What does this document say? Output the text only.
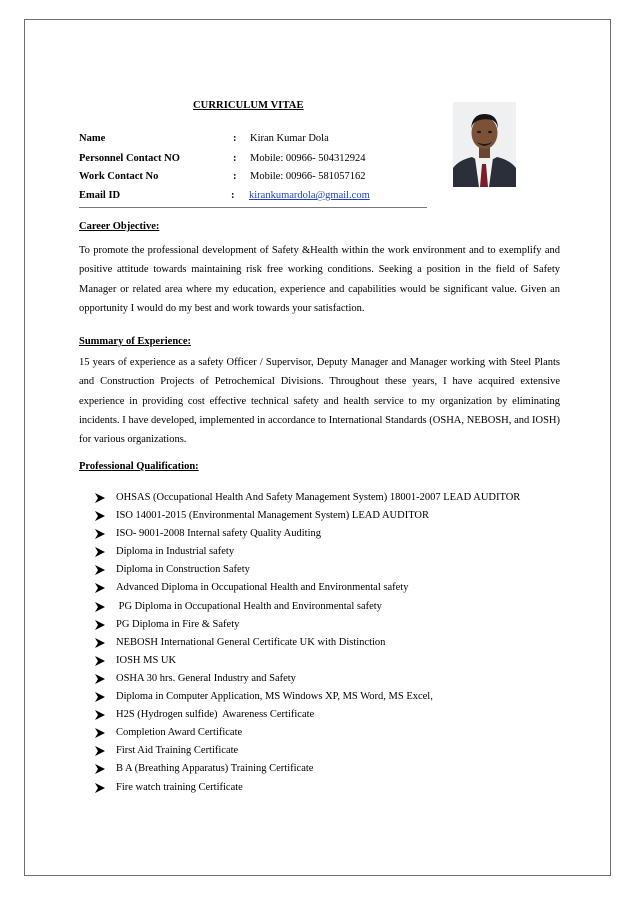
CURRICULUM VITAE
Name	: Kiran Kumar Dola
Personnel Contact NO	: Mobile: 00966- 504312924
Work Contact No	: Mobile: 00966- 581057162
Email ID	: kirankumardola@gmail.com
Career Objective:

To promote the professional development of Safety &Health within the work environment and to exemplify and positive attitude towards maintaining risk free working conditions. Seeking a position in the field of Safety Manager or related area where my education, experience and capabilities would be significant value. Given an opportunity I would do my best and work towards your satisfaction.

Summary of Experience:

15 years of experience as a safety Officer / Supervisor, Deputy Manager and Manager working with Steel Plants and Construction Projects of Petrochemical Divisions. Throughout these years, I have acquired extensive experience in providing cost effective technical safety and health service to my organization by eliminating incidents. I have developed, implemented in accordance to International Standards (OSHA, NEBOSH, and IOSH) for various organizations.

Professional Qualification:
OHSAS (Occupational Health And Safety Management System) 18001-2007 LEAD AUDITOR
ISO 14001-2015 (Environmental Management System) LEAD AUDITOR
ISO- 9001-2008 Internal safety Quality Auditing
Diploma in Industrial safety
Diploma in Construction Safety
Advanced Diploma in Occupational Health and Environmental safety
PG Diploma in Occupational Health and Environmental safety
PG Diploma in Fire & Safety
NEBOSH International General Certificate UK with Distinction
IOSH MS UK
OSHA 30 hrs. General Industry and Safety
Diploma in Computer Application, MS Windows XP, MS Word, MS Excel,
H2S (Hydrogen sulfide)  Awareness Certificate
Completion Award Certificate
First Aid Training Certificate
B A (Breathing Apparatus) Training Certificate
Fire watch training Certificate
